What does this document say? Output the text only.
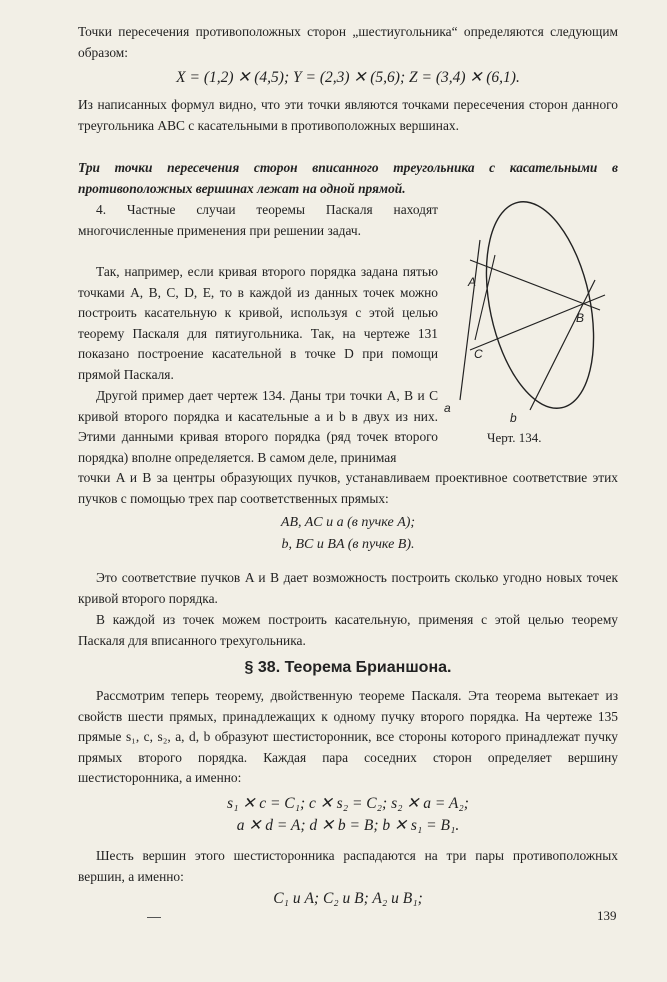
Точки пересечения противоположных сторон „шестиугольника“ определяются следующим образом:

X = (1,2) ✕ (4,5); Y = (2,3) ✕ (5,6); Z = (3,4) ✕ (6,1).

Из написанных формул видно, что эти точки являются точками пересечения сторон данного треугольника ABC с касательными в противоположных вершинах.

Три точки пересечения сторон вписанного треугольника с касательными в противоположных вершинах лежат на одной прямой.

4. Частные случаи теоремы Паскаля находят многочисленные применения при решении задач.

Так, например, если кривая второго порядка задана пятью точками A, B, C, D, E, то в каждой из данных точек можно построить касательную к кривой, используя с этой целью теорему Паскаля для пятиугольника. Так, на чертеже 131 показано построение касательной в точке D при помощи прямой Паскаля.

Другой пример дает чертеж 134. Даны три точки A, B и C кривой второго порядка и касательные a и b в двух из них. Этими данными кривая второго порядка (ряд точек второго порядка) вполне определяется. В самом деле, принимая

точки A и B за центры образующих пучков, устанавливаем проективное соответствие этих пучков с помощью трех пар соответственных прямых:

AB, AC и a (в пучке A);
b, BC и BA (в пучке B).

Это соответствие пучков A и B дает возможность построить сколько угодно новых точек кривой второго порядка.

В каждой из точек можем построить касательную, применяя с этой целью теорему Паскаля для вписанного трехугольника.

§ 38. Теорема Брианшона.

Рассмотрим теперь теорему, двойственную теореме Паскаля. Эта теорема вытекает из свойств шести прямых, принадлежащих к одному пучку второго порядка. На чертеже 135 прямые s₁, c, s₂, a, d, b образуют шестисторонник, все стороны которого принадлежат пучку прямых второго порядка. Каждая пара соседних сторон определяет вершину шестисторонника, а именно:

s₁ ✕ c = C₁; c ✕ s₂ = C₂; s₂ ✕ a = A₂;
a ✕ d = A; d ✕ b = B; b ✕ s₁ = B₁.

Шесть вершин этого шестисторонника распадаются на три пары противоположных вершин, а именно:

C₁ и A; C₂ и B; A₂ и B₁;
A
B
C
a
b
Черт. 134.
139
